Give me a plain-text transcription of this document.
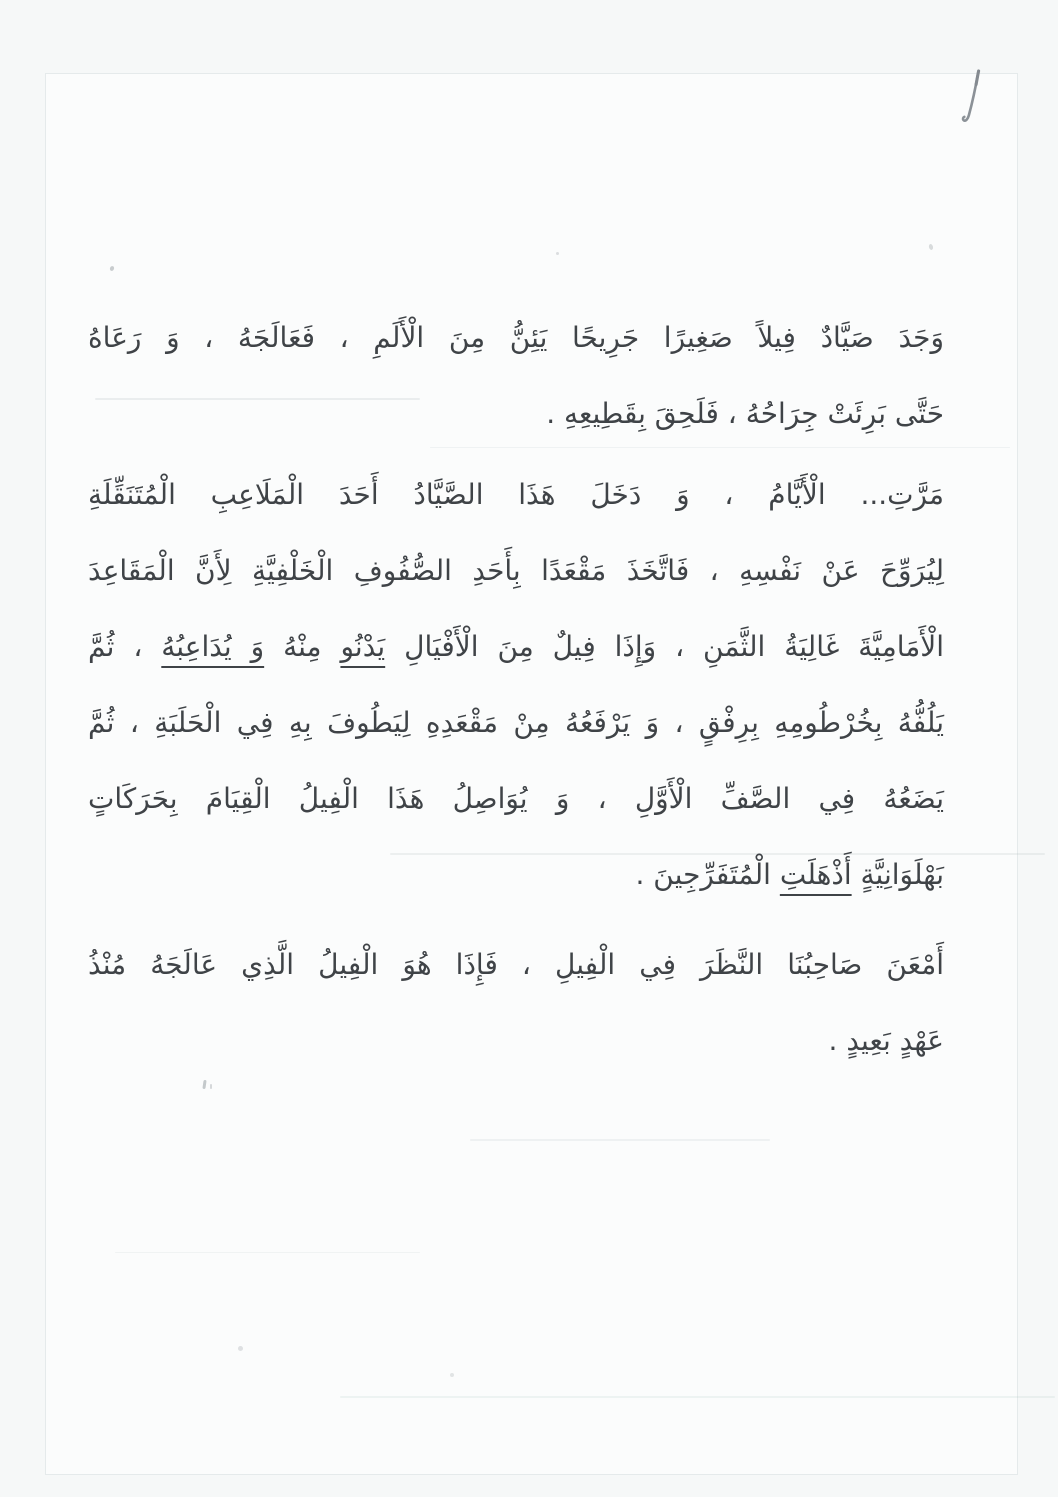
وَجَدَ صَيَّادٌ فِيلاً صَغِيرًا جَرِيحًا يَئِنُّ مِنَ الْأَلَمِ ، فَعَالَجَهُ ، وَ رَعَاهُ
حَتَّى بَرِئَتْ جِرَاحُهُ ، فَلَحِقَ بِقَطِيعِهِ .
مَرَّتِ... الْأَيَّامُ ، وَ دَخَلَ هَذَا الصَّيَّادُ أَحَدَ الْمَلَاعِبِ الْمُتَنَقِّلَةِ
لِيُرَوِّحَ عَنْ نَفْسِهِ ، فَاتَّخَذَ مَقْعَدًا بِأَحَدِ الصُّفُوفِ الْخَلْفِيَّةِ لِأَنَّ الْمَقَاعِدَ
الْأَمَامِيَّةَ غَالِيَةُ الثَّمَنِ ، وَإِذَا فِيلٌ مِنَ الْأَفْيَالِ يَدْنُو مِنْهُ وَ يُدَاعِبُهُ ، ثُمَّ
يَلُفُّهُ بِخُرْطُومِهِ بِرِفْقٍ ، وَ يَرْفَعُهُ مِنْ مَقْعَدِهِ لِيَطُوفَ بِهِ فِي الْحَلَبَةِ ، ثُمَّ
يَضَعُهُ فِي الصَّفِّ الْأَوَّلِ ، وَ يُوَاصِلُ هَذَا الْفِيلُ الْقِيَامَ بِحَرَكَاتٍ
بَهْلَوَانِيَّةٍ أَذْهَلَتِ الْمُتَفَرِّجِينَ .
أَمْعَنَ صَاحِبُنَا النَّظَرَ فِي الْفِيلِ ، فَإِذَا هُوَ الْفِيلُ الَّذِي عَالَجَهُ مُنْذُ
عَهْدٍ بَعِيدٍ .
